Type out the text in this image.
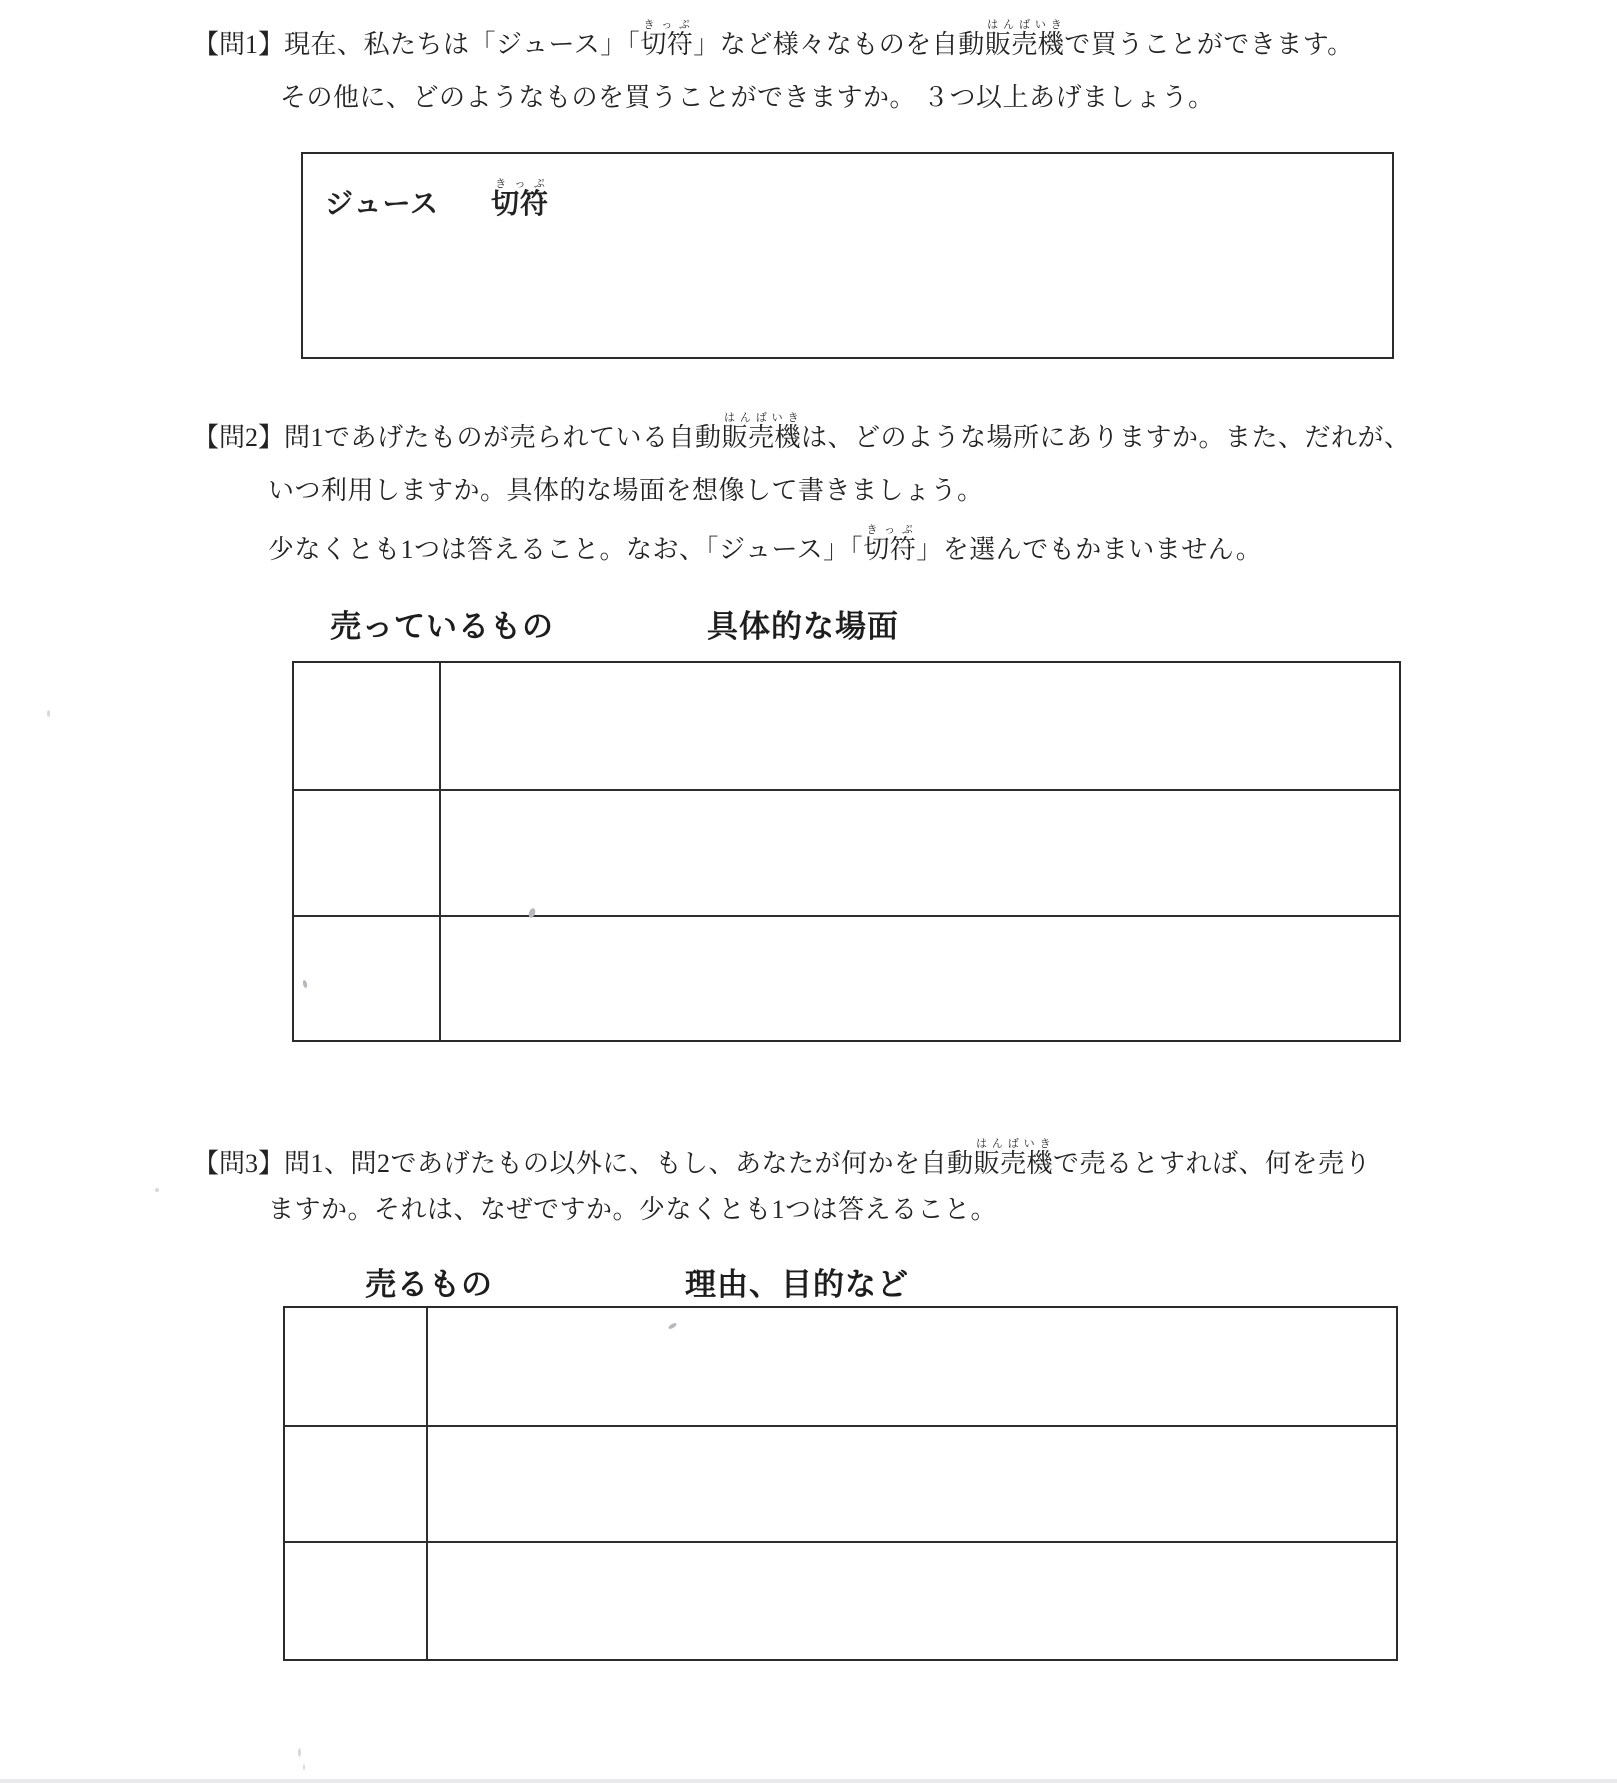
【問1】現在、私たちは「ジュース」「切符きっぷ」など様々なものを自動販売機はんばいきで買うことができます。
その他に、どのようなものを買うことができますか。 ３つ以上あげましょう。
ジュース 切符きっぷ
【問2】問1であげたものが売られている自動販売機はんばいきは、どのような場所にありますか。また、だれが、
いつ利用しますか。具体的な場面を想像して書きましょう。
少なくとも1つは答えること。なお、「ジュース」「切符きっぷ」を選んでもかまいません。
売っているもの	具体的な場面
【問3】問1、問2であげたもの以外に、もし、あなたが何かを自動販売機はんばいきで売るとすれば、何を売り
ますか。それは、なぜですか。少なくとも1つは答えること。
売るもの	理由、目的など
